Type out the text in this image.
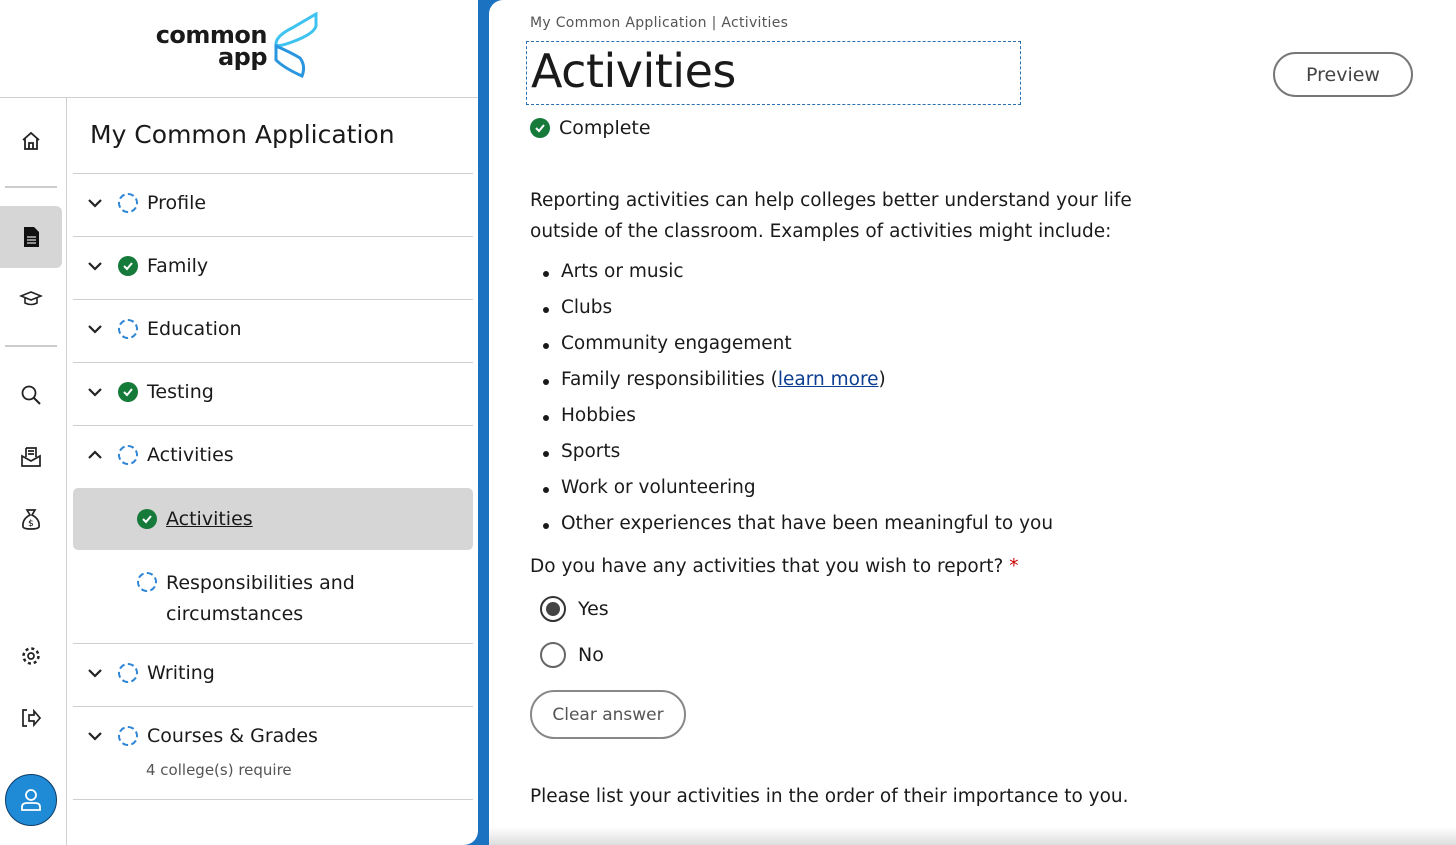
common
app
$
My Common Application
Profile
Family
Education
Testing
Activities
Activities
Responsibilities and
circumstances
Writing
Courses & Grades
4 college(s) require
My Common Application | Activities
Activities
Complete
Preview
Reporting activities can help colleges better understand your life
outside of the classroom. Examples of activities might include:
Arts or music
Clubs
Community engagement
Family responsibilities (learn more)
Hobbies
Sports
Work or volunteering
Other experiences that have been meaningful to you
Do you have any activities that you wish to report? *
Yes
No
Clear answer
Please list your activities in the order of their importance to you.
